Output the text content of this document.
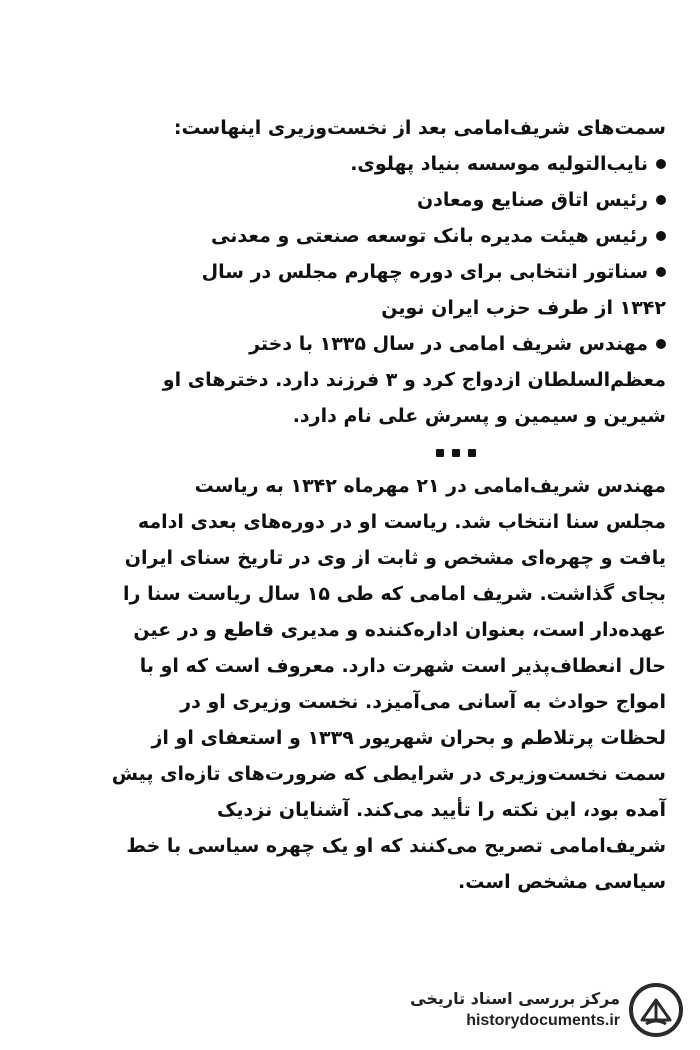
سمت‌های شریف‌امامی بعد از نخست‌وزیری اینهاست:
نایب‌التولیه موسسه بنیاد پهلوی.
رئیس اتاق صنایع ومعادن
رئیس هیئت مدیره بانک توسعه صنعتی و معدنی
سناتور انتخابی برای دوره چهارم مجلس در سال
۱۳۴۲ از طرف حزب ایران نوین
مهندس شریف امامی در سال ۱۳۳۵ با دختر
معظم‌السلطان ازدواج کرد و ۳ فرزند دارد. دخترهای او
شیرین و سیمین و پسرش علی نام دارد.
مهندس شریف‌امامی در ۲۱ مهرماه ۱۳۴۲ به ریاست
مجلس سنا انتخاب شد. ریاست او در دوره‌های بعدی ادامه
یافت و چهره‌ای مشخص و ثابت از وی در تاریخ سنای ایران
بجای گذاشت. شریف امامی که طی ۱۵ سال ریاست سنا را
عهده‌دار است، بعنوان اداره‌کننده و مدیری قاطع و در عین
حال انعطاف‌پذیر است شهرت دارد. معروف است که او با
امواج حوادث به آسانی می‌آمیزد. نخست وزیری او در
لحظات پرتلاطم و بحران شهریور ۱۳۳۹ و استعفای او از
سمت نخست‌وزیری در شرایطی که ضرورت‌های تازه‌ای پیش
آمده بود، این نکته را تأیید می‌کند. آشنایان نزدیک
شریف‌امامی تصریح می‌کنند که او یک چهره سیاسی با خط
سیاسی مشخص است.
مرکز بررسی اسناد تاریخی
historydocuments.ir
